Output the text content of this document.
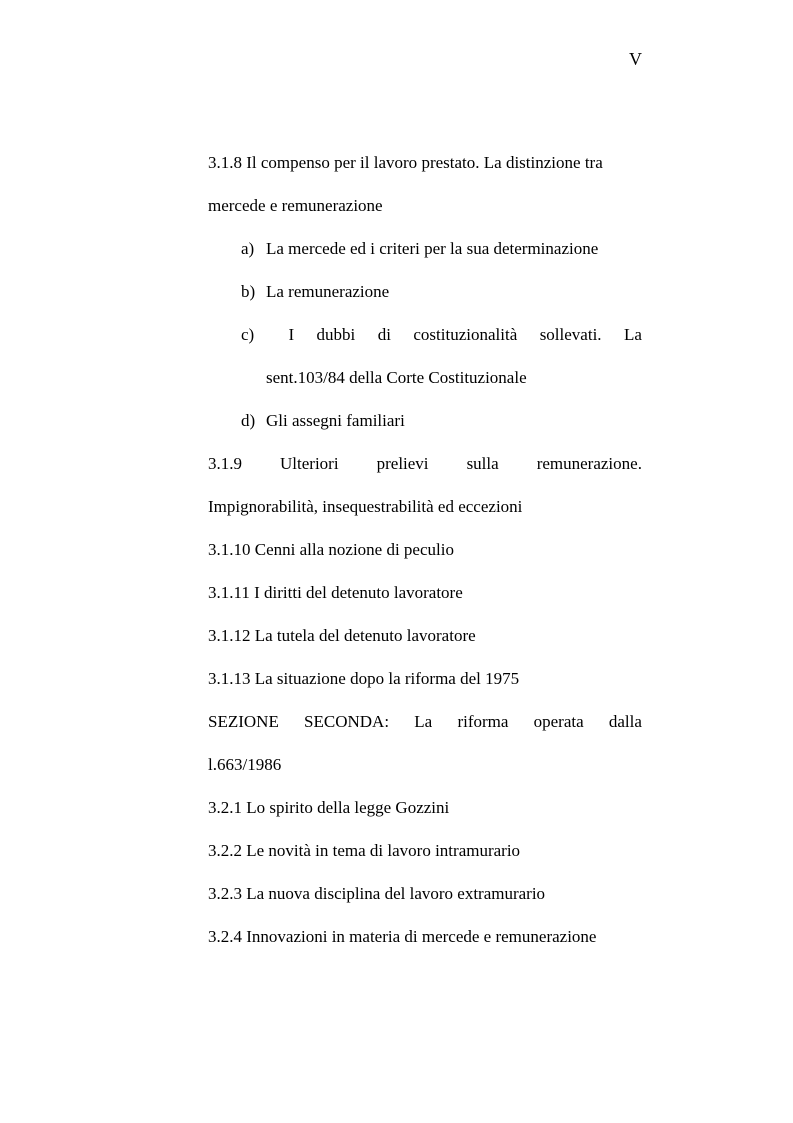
V
3.1.8 Il compenso per il lavoro prestato. La distinzione tra
mercede e remunerazione
a) La mercede ed i criteri per la sua determinazione
b) La remunerazione
c)	I dubbi di costituzionalità sollevati. La
sent.103/84 della Corte Costituzionale
d) Gli assegni familiari
3.1.9 Ulteriori prelievi sulla remunerazione.
Impignorabilità, insequestrabilità ed eccezioni
3.1.10 Cenni alla nozione di peculio
3.1.11 I diritti del detenuto lavoratore
3.1.12 La tutela del detenuto lavoratore
3.1.13 La situazione dopo la riforma del 1975
SEZIONE SECONDA: La riforma operata dalla
l.663/1986
3.2.1 Lo spirito della legge Gozzini
3.2.2 Le novità in tema di lavoro intramurario
3.2.3 La nuova disciplina del lavoro extramurario
3.2.4 Innovazioni in materia di mercede e remunerazione
